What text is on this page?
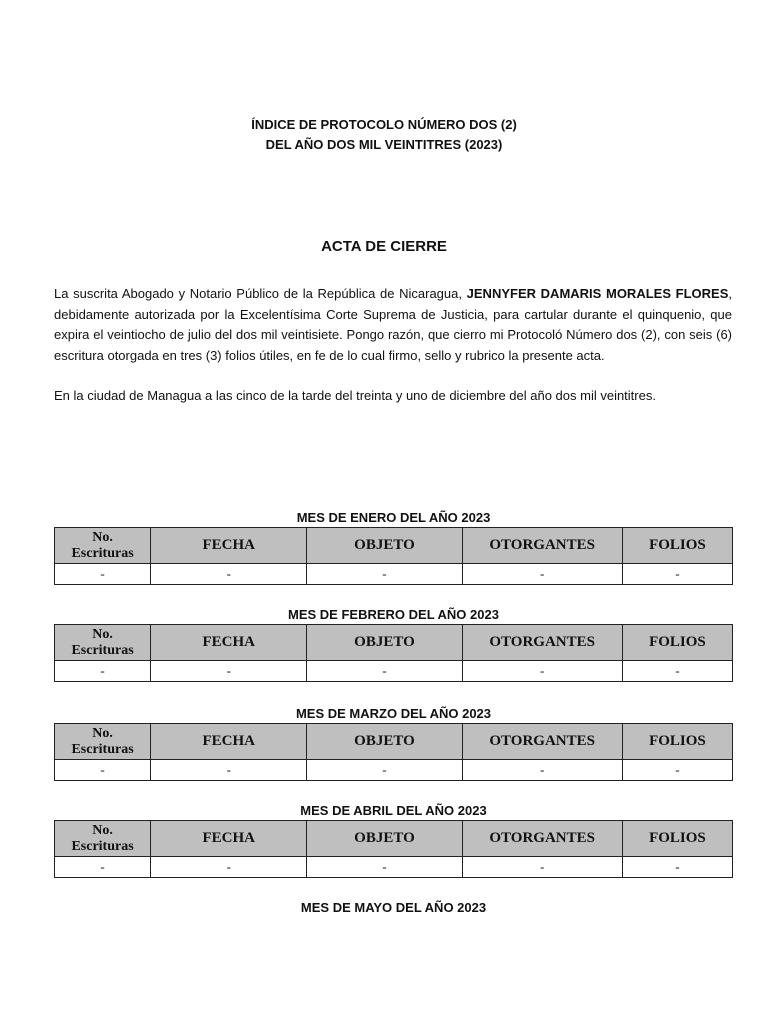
ÍNDICE DE PROTOCOLO NÚMERO DOS (2)
DEL AÑO DOS MIL VEINTITRES (2023)
ACTA DE CIERRE
La suscrita Abogado y Notario Público de la República de Nicaragua, JENNYFER DAMARIS MORALES FLORES, debidamente autorizada por la Excelentísima Corte Suprema de Justicia, para cartular durante el quinquenio, que expira el veintiocho de julio del dos mil veintisiete. Pongo razón, que cierro mi Protocoló Número dos (2), con seis (6) escritura otorgada en tres (3) folios útiles, en fe de lo cual firmo, sello y rubrico la presente acta.
En la ciudad de Managua a las cinco de la tarde del treinta y uno de diciembre del año dos mil veintitres.
MES DE ENERO DEL AÑO 2023
No.
Escrituras	FECHA	OBJETO	OTORGANTES	FOLIOS
-	-	-	-	-
MES DE FEBRERO DEL AÑO 2023
No.
Escrituras	FECHA	OBJETO	OTORGANTES	FOLIOS
-	-	-	-	-
MES DE MARZO DEL AÑO 2023
No.
Escrituras	FECHA	OBJETO	OTORGANTES	FOLIOS
-	-	-	-	-
MES DE ABRIL DEL AÑO 2023
No.
Escrituras	FECHA	OBJETO	OTORGANTES	FOLIOS
-	-	-	-	-
MES DE MAYO DEL AÑO 2023
